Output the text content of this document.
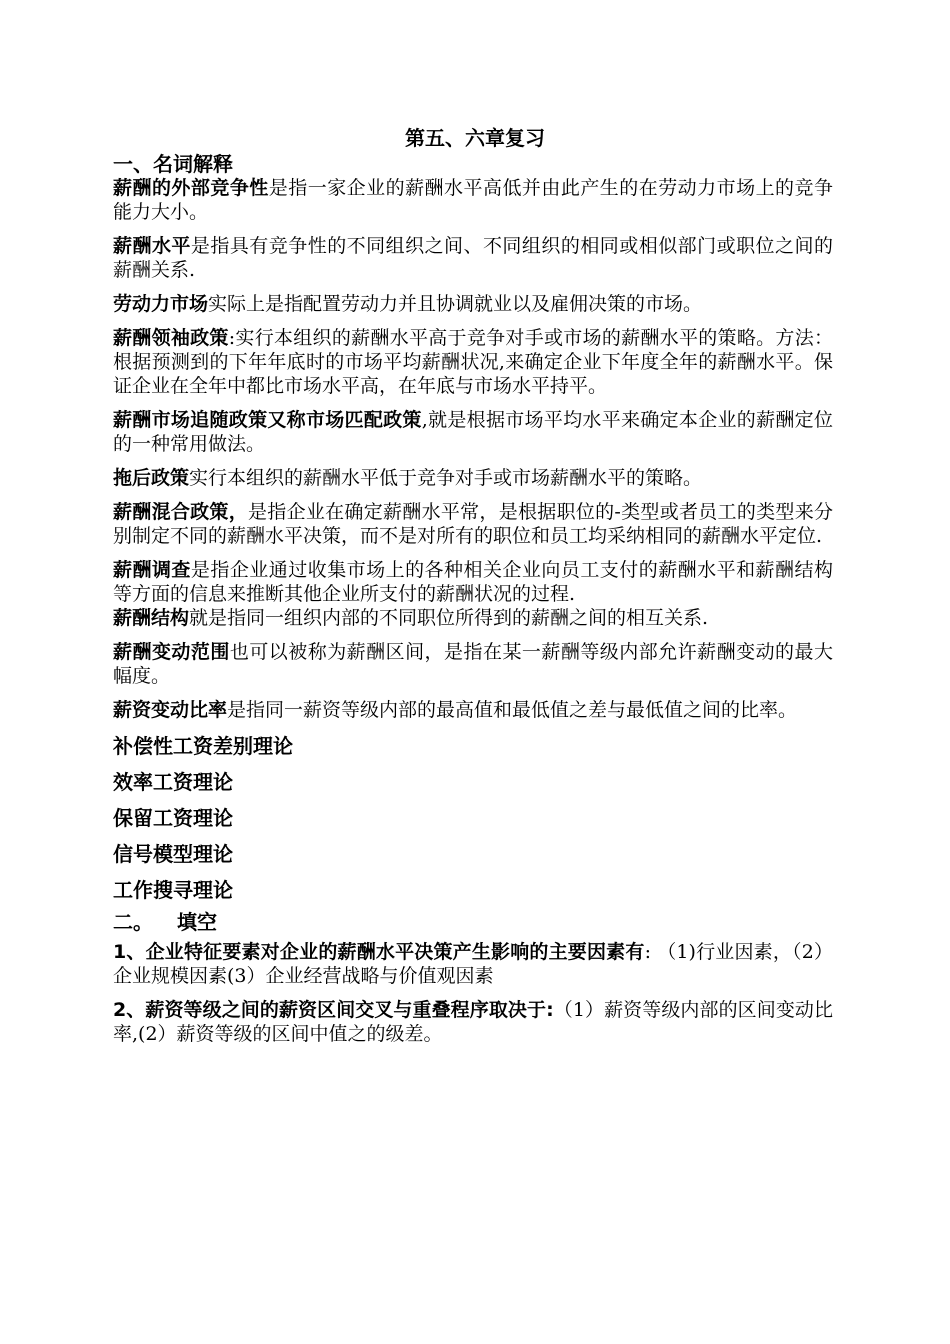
第五、六章复习

一、名词解释

薪酬的外部竞争性是指一家企业的薪酬水平高低并由此产生的在劳动力市场上的竞争能力大小。

薪酬水平是指具有竞争性的不同组织之间、不同组织的相同或相似部门或职位之间的薪酬关系.

劳动力市场实际上是指配置劳动力并且协调就业以及雇佣决策的市场。

薪酬领袖政策:实行本组织的薪酬水平高于竞争对手或市场的薪酬水平的策略。方法：根据预测到的下年年底时的市场平均薪酬状况,来确定企业下年度全年的薪酬水平。保证企业在全年中都比市场水平高，在年底与市场水平持平。

薪酬市场追随政策又称市场匹配政策,就是根据市场平均水平来确定本企业的薪酬定位的一种常用做法。

拖后政策实行本组织的薪酬水平低于竞争对手或市场薪酬水平的策略。

薪酬混合政策，是指企业在确定薪酬水平常，是根据职位的-类型或者员工的类型来分别制定不同的薪酬水平决策，而不是对所有的职位和员工均采纳相同的薪酬水平定位.

薪酬调查是指企业通过收集市场上的各种相关企业向员工支付的薪酬水平和薪酬结构等方面的信息来推断其他企业所支付的薪酬状况的过程.

薪酬结构就是指同一组织内部的不同职位所得到的薪酬之间的相互关系.

薪酬变动范围也可以被称为薪酬区间，是指在某一薪酬等级内部允许薪酬变动的最大幅度。

薪资变动比率是指同一薪资等级内部的最高值和最低值之差与最低值之间的比率。

补偿性工资差别理论

效率工资理论

保留工资理论

信号模型理论

工作搜寻理论

二。 填空

1、企业特征要素对企业的薪酬水平决策产生影响的主要因素有: （1)行业因素，（2）企业规模因素(3）企业经营战略与价值观因素

2、薪资等级之间的薪资区间交叉与重叠程序取决于:（1）薪资等级内部的区间变动比率,(2）薪资等级的区间中值之的级差。
